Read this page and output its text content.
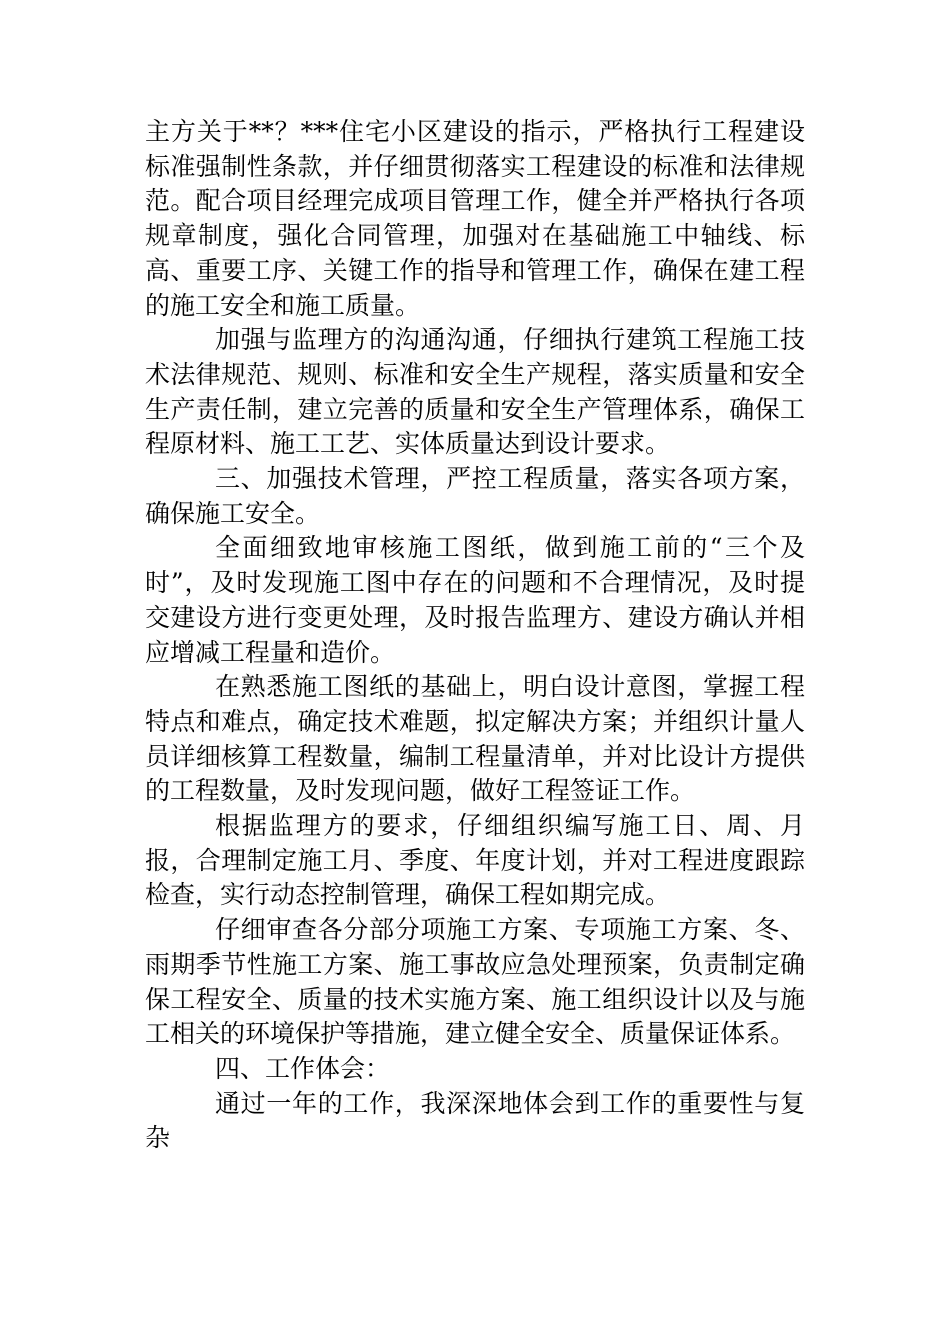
主方关于**？***住宅小区建设的指示，严格执行工程建设标准强制性条款，并仔细贯彻落实工程建设的标准和法律规范。配合项目经理完成项目管理工作，健全并严格执行各项规章制度，强化合同管理，加强对在基础施工中轴线、标高、重要工序、关键工作的指导和管理工作，确保在建工程的施工安全和施工质量。

加强与监理方的沟通沟通，仔细执行建筑工程施工技术法律规范、规则、标准和安全生产规程，落实质量和安全生产责任制，建立完善的质量和安全生产管理体系，确保工程原材料、施工工艺、实体质量达到设计要求。

三、加强技术管理，严控工程质量，落实各项方案，确保施工安全。

全面细致地审核施工图纸，做到施工前的“三个及时”，及时发现施工图中存在的问题和不合理情况，及时提交建设方进行变更处理，及时报告监理方、建设方确认并相应增减工程量和造价。

在熟悉施工图纸的基础上，明白设计意图，掌握工程特点和难点，确定技术难题，拟定解决方案；并组织计量人员详细核算工程数量，编制工程量清单，并对比设计方提供的工程数量，及时发现问题，做好工程签证工作。

根据监理方的要求，仔细组织编写施工日、周、月报，合理制定施工月、季度、年度计划，并对工程进度跟踪检查，实行动态控制管理，确保工程如期完成。

仔细审查各分部分项施工方案、专项施工方案、冬、雨期季节性施工方案、施工事故应急处理预案，负责制定确保工程安全、质量的技术实施方案、施工组织设计以及与施工相关的环境保护等措施，建立健全安全、质量保证体系。

四、工作体会：

通过一年的工作，我深深地体会到工作的重要性与复杂
